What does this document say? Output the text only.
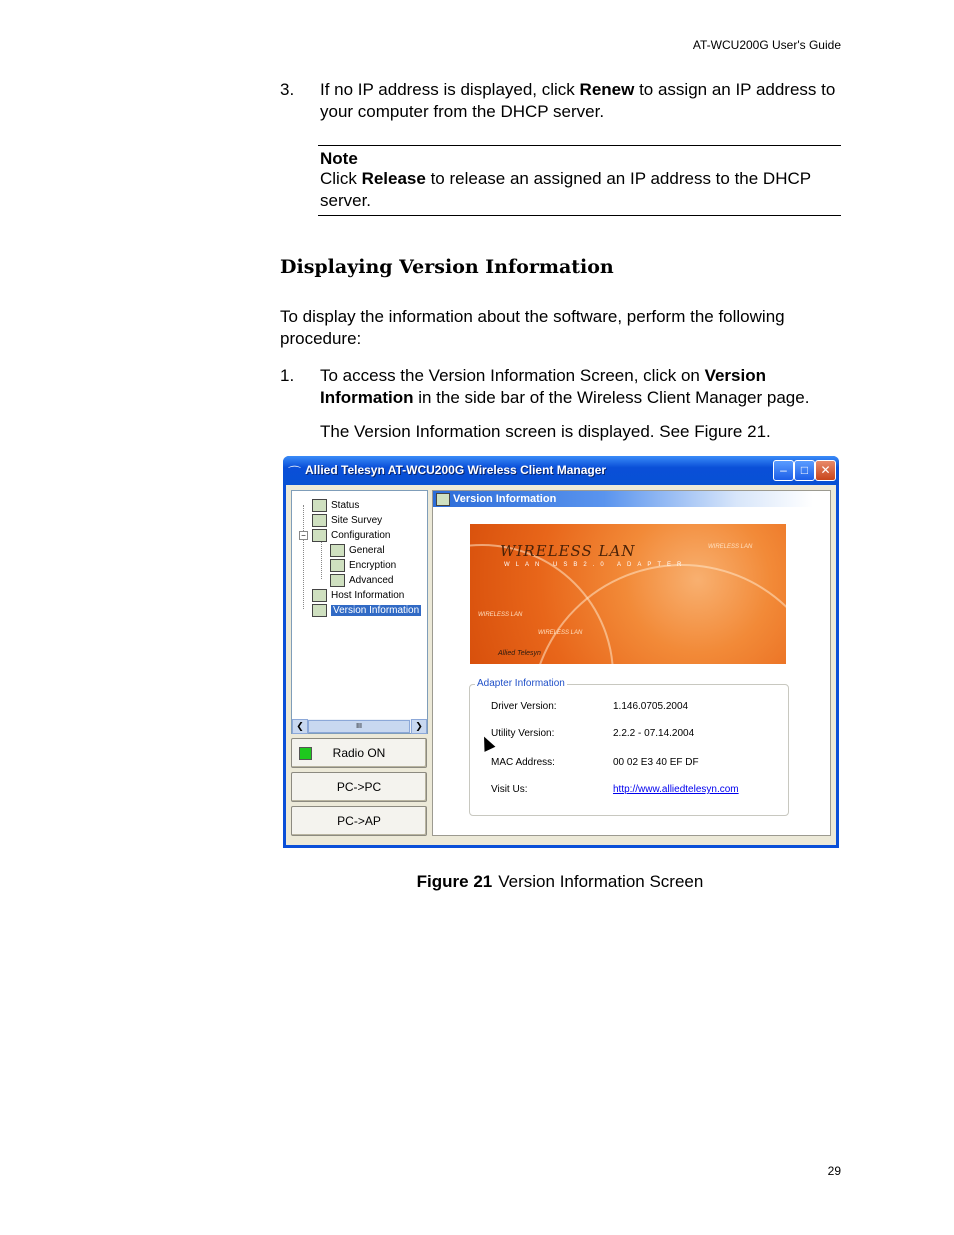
AT-WCU200G User's Guide
3. If no IP address is displayed, click Renew to assign an IP address to your computer from the DHCP server.
Note
Click Release to release an assigned an IP address to the DHCP server.
Displaying Version Information
To display the information about the software, perform the following procedure:
1. To access the Version Information Screen, click on Version Information in the side bar of the Wireless Client Manager page.
The Version Information screen is displayed. See Figure 21.
⌒ Allied Telesyn AT-WCU200G Wireless Client Manager	–	□	✕
−
Status
Site Survey
Configuration
General
Encryption
Advanced
Host Information
Version Information
❮	III	❯
Radio ON
PC->PC
PC->AP
Version Information
WIRELESS LAN
WLAN USB2.0 ADAPTER
WIRELESS LAN
WIRELESS LAN
WIRELESS LAN
Allied Telesyn
Adapter Information
Driver Version:	1.146.0705.2004
Utility Version:	2.2.2 - 07.14.2004
MAC Address:	00 02 E3 40 EF DF
Visit Us:	http://www.alliedtelesyn.com
Figure 21 Version Information Screen
29
